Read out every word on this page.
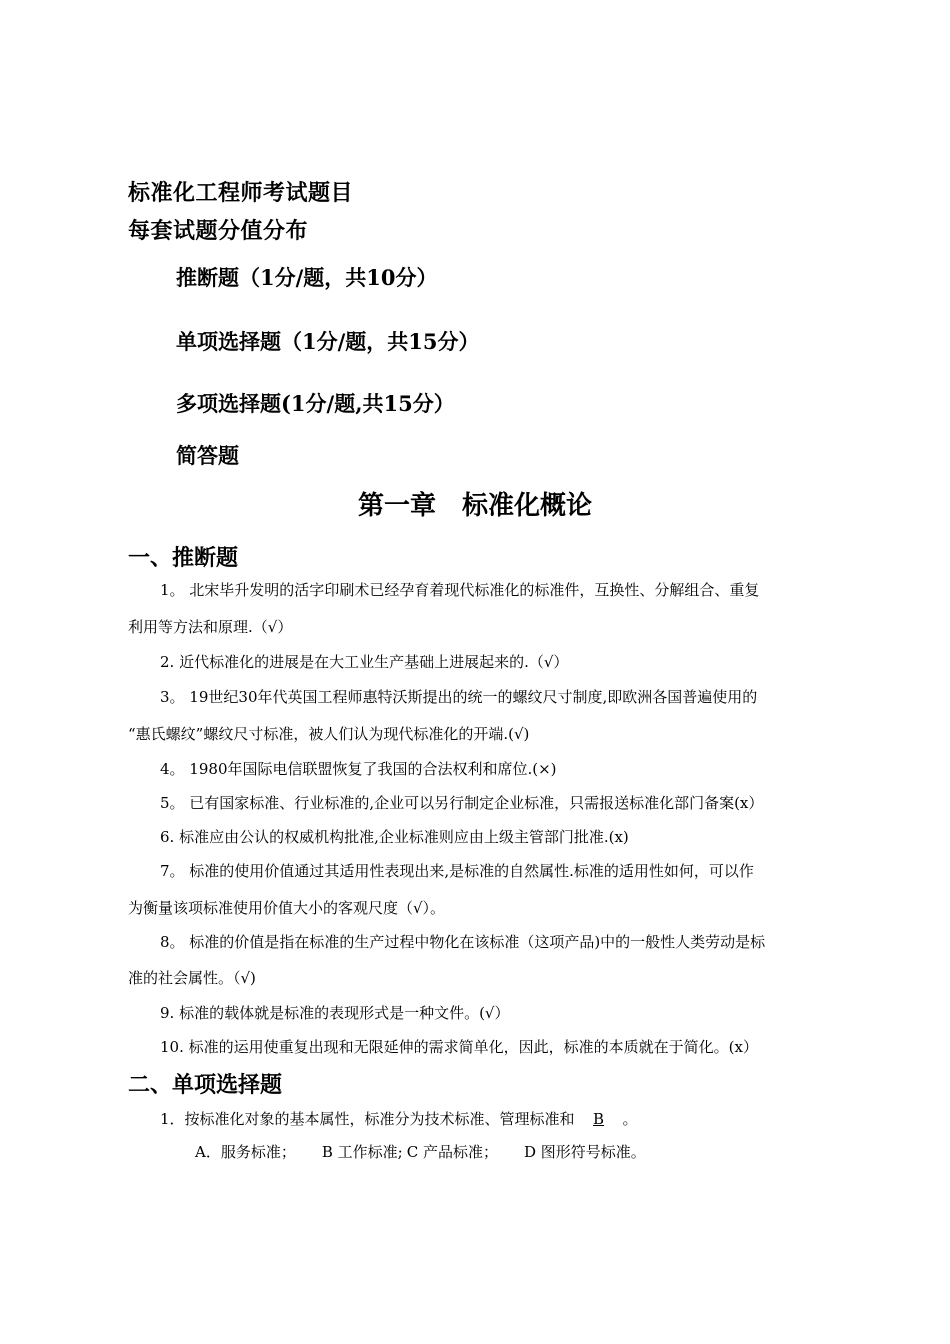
标准化工程师考试题目
每套试题分值分布
推断题（1分/题，共10分）
单项选择题（1分/题，共15分）
多项选择题(1分/题,共15分）
简答题
第一章　标准化概论
一、推断题
1。 北宋毕升发明的活字印刷术已经孕育着现代标准化的标准件，互换性、分解组合、重复
利用等方法和原理.（√）
2. 近代标准化的进展是在大工业生产基础上进展起来的.（√）
3。 19世纪30年代英国工程师惠特沃斯提出的统一的螺纹尺寸制度,即欧洲各国普遍使用的
“惠氏螺纹”螺纹尺寸标准，被人们认为现代标准化的开端.(√)
4。 1980年国际电信联盟恢复了我国的合法权利和席位.(×)
5。 已有国家标准、行业标准的,企业可以另行制定企业标准，只需报送标准化部门备案(x）
6. 标准应由公认的权威机构批准,企业标准则应由上级主管部门批准.(x)
7。 标准的使用价值通过其适用性表现出来,是标准的自然属性.标准的适用性如何，可以作
为衡量该项标准使用价值大小的客观尺度（√）。
8。 标准的价值是指在标准的生产过程中物化在该标准（这项产品)中的一般性人类劳动是标
准的社会属性。（√)
9. 标准的载体就是标准的表现形式是一种文件。(√）
10. 标准的运用使重复出现和无限延伸的需求简单化，因此，标准的本质就在于简化。(x）
二、单项选择题
1．按标准化对象的基本属性，标准分为技术标准、管理标准和 B 。
A．服务标准； B 工作标准; C 产品标准； D 图形符号标准。
